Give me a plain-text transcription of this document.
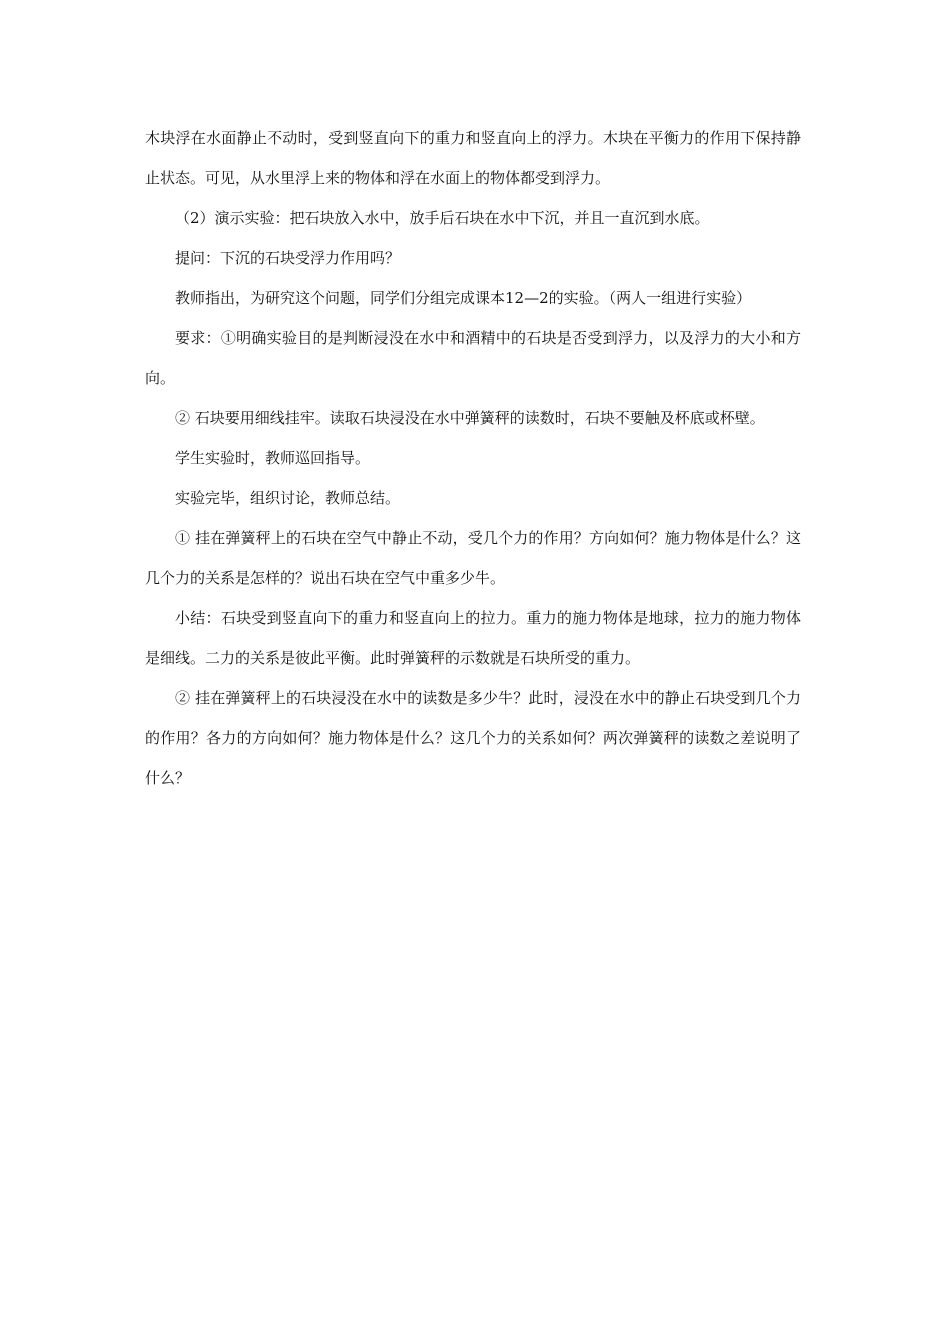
木块浮在水面静止不动时，受到竖直向下的重力和竖直向上的浮力。木块在平衡力的作用下保持静止状态。可见，从水里浮上来的物体和浮在水面上的物体都受到浮力。

（2）演示实验：把石块放入水中，放手后石块在水中下沉，并且一直沉到水底。

提问：下沉的石块受浮力作用吗？

教师指出，为研究这个问题，同学们分组完成课本12—2的实验。（两人一组进行实验）

要求：①明确实验目的是判断浸没在水中和酒精中的石块是否受到浮力，以及浮力的大小和方向。

② 石块要用细线挂牢。读取石块浸没在水中弹簧秤的读数时，石块不要触及杯底或杯壁。

学生实验时，教师巡回指导。

实验完毕，组织讨论，教师总结。

① 挂在弹簧秤上的石块在空气中静止不动，受几个力的作用？方向如何？施力物体是什么？这几个力的关系是怎样的？说出石块在空气中重多少牛。

小结：石块受到竖直向下的重力和竖直向上的拉力。重力的施力物体是地球，拉力的施力物体是细线。二力的关系是彼此平衡。此时弹簧秤的示数就是石块所受的重力。

② 挂在弹簧秤上的石块浸没在水中的读数是多少牛？此时，浸没在水中的静止石块受到几个力的作用？各力的方向如何？施力物体是什么？这几个力的关系如何？两次弹簧秤的读数之差说明了什么？
